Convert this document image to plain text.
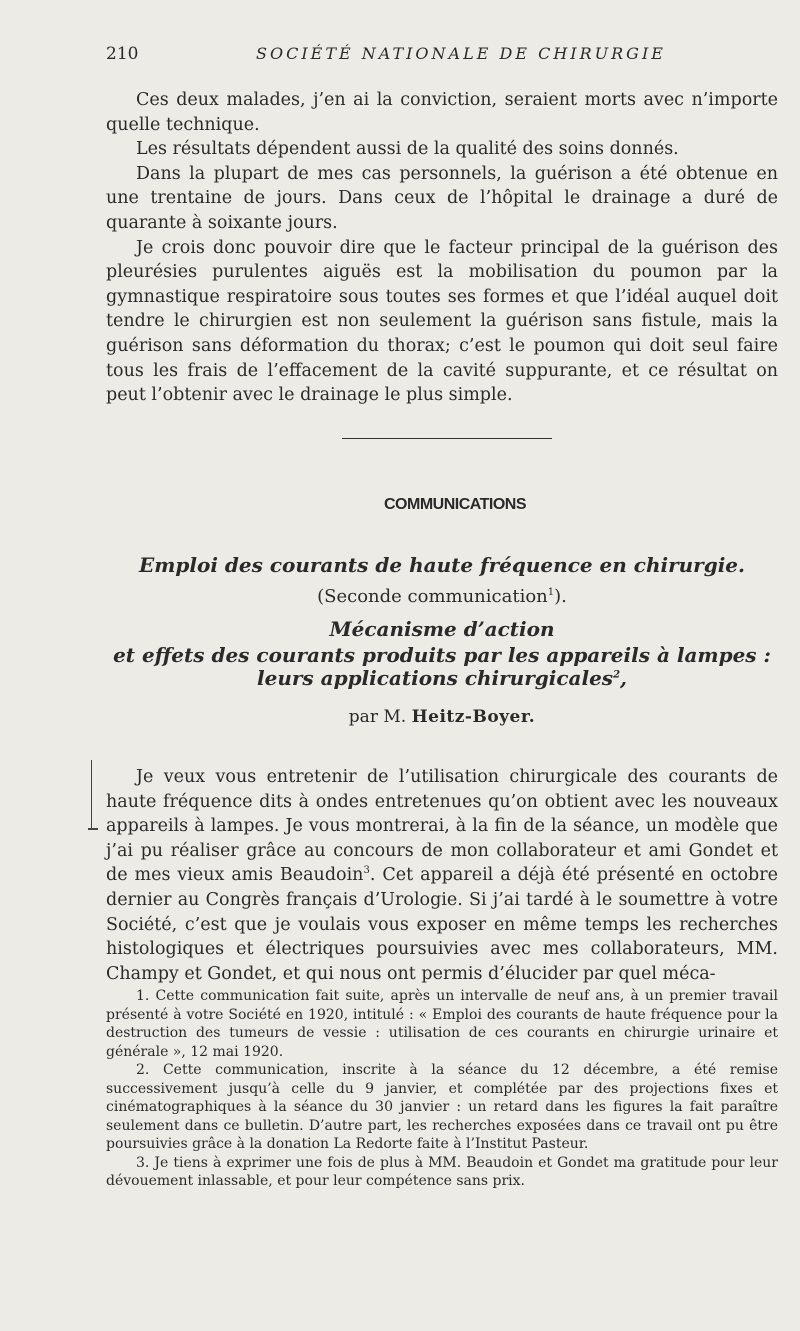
210	SOCIÉTÉ NATIONALE DE CHIRURGIE

Ces deux malades, j’en ai la conviction, seraient morts avec n’importe quelle technique.

Les résultats dépendent aussi de la qualité des soins donnés.

Dans la plupart de mes cas personnels, la guérison a été obtenue en une trentaine de jours. Dans ceux de l’hôpital le drainage a duré de quarante à soixante jours.

Je crois donc pouvoir dire que le facteur principal de la guérison des pleurésies purulentes aiguës est la mobilisation du poumon par la gymnastique respiratoire sous toutes ses formes et que l’idéal auquel doit tendre le chirurgien est non seulement la guérison sans fistule, mais la guérison sans déformation du thorax; c’est le poumon qui doit seul faire tous les frais de l’effacement de la cavité suppurante, et ce résultat on peut l’obtenir avec le drainage le plus simple.

COMMUNICATIONS
Emploi des courants de haute fréquence en chirurgie.
(Seconde communication$^1$).
Mécanisme d’action
et effets des courants produits par les appareils à lampes :
leurs applications chirurgicales$^2$,
par M. Heitz-Boyer.

Je veux vous entretenir de l’utilisation chirurgicale des courants de haute fréquence dits à ondes entretenues qu’on obtient avec les nouveaux appareils à lampes. Je vous montrerai, à la fin de la séance, un modèle que j’ai pu réaliser grâce au concours de mon collaborateur et ami Gondet et de mes vieux amis Beaudoin$^3$. Cet appareil a déjà été présenté en octobre dernier au Congrès français d’Urologie. Si j’ai tardé à le soumettre à votre Société, c’est que je voulais vous exposer en même temps les recherches histologiques et électriques poursuivies avec mes collaborateurs, MM. Champy et Gondet, et qui nous ont permis d’élucider par quel méca-

1. Cette communication fait suite, après un intervalle de neuf ans, à un premier travail présenté à votre Société en 1920, intitulé : « Emploi des courants de haute fréquence pour la destruction des tumeurs de vessie : utilisation de ces courants en chirurgie urinaire et générale », 12 mai 1920.

2. Cette communication, inscrite à la séance du 12 décembre, a été remise successivement jusqu’à celle du 9 janvier, et complétée par des projections fixes et cinématographiques à la séance du 30 janvier : un retard dans les figures la fait paraître seulement dans ce bulletin. D’autre part, les recherches exposées dans ce travail ont pu être poursuivies grâce à la donation La Redorte faite à l’Institut Pasteur.

3. Je tiens à exprimer une fois de plus à MM. Beaudoin et Gondet ma gratitude pour leur dévouement inlassable, et pour leur compétence sans prix.
